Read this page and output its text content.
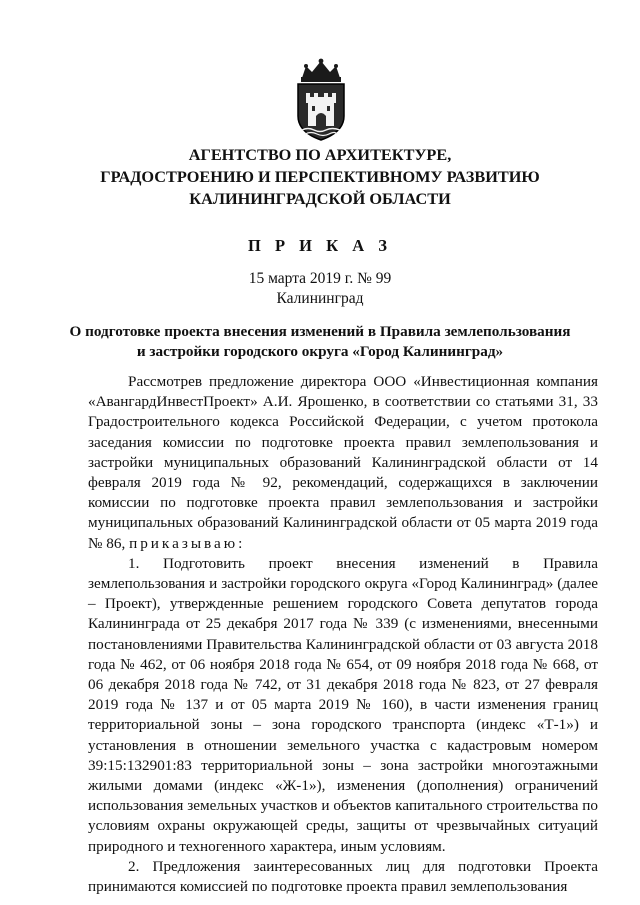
АГЕНТСТВО ПО АРХИТЕКТУРЕ,
ГРАДОСТРОЕНИЮ И ПЕРСПЕКТИВНОМУ РАЗВИТИЮ
КАЛИНИНГРАДСКОЙ ОБЛАСТИ
П Р И К А З
15 марта 2019 г. № 99
Калининград
О подготовке проекта внесения изменений в Правила землепользования
и застройки городского округа «Город Калининград»

Рассмотрев предложение директора ООО «Инвестиционная компания «АвангардИнвестПроект» А.И. Ярошенко, в соответствии со статьями 31, 33 Градостроительного кодекса Российской Федерации, с учетом протокола заседания комиссии по подготовке проекта правил землепользования и застройки муниципальных образований Калининградской области от 14 февраля 2019 года № 92, рекомендаций, содержащихся в заключении комиссии по подготовке проекта правил землепользования и застройки муниципальных образований Калининградской области от 05 марта 2019 года № 86, приказываю:

1. Подготовить проект внесения изменений в Правила землепользования и застройки городского округа «Город Калининград» (далее – Проект), утвержденные решением городского Совета депутатов города Калининграда от 25 декабря 2017 года № 339 (с изменениями, внесенными постановлениями Правительства Калининградской области от 03 августа 2018 года № 462, от 06 ноября 2018 года № 654, от 09 ноября 2018 года № 668, от 06 декабря 2018 года № 742, от 31 декабря 2018 года № 823, от 27 февраля 2019 года № 137 и от 05 марта 2019 № 160), в части изменения границ территориальной зоны – зона городского транспорта (индекс «Т-1») и установления в отношении земельного участка с кадастровым номером 39:15:132901:83 территориальной зоны – зона застройки многоэтажными жилыми домами (индекс «Ж-1»), изменения (дополнения) ограничений использования земельных участков и объектов капитального строительства по условиям охраны окружающей среды, защиты от чрезвычайных ситуаций природного и техногенного характера, иным условиям.

2. Предложения заинтересованных лиц для подготовки Проекта принимаются комиссией по подготовке проекта правил землепользования
